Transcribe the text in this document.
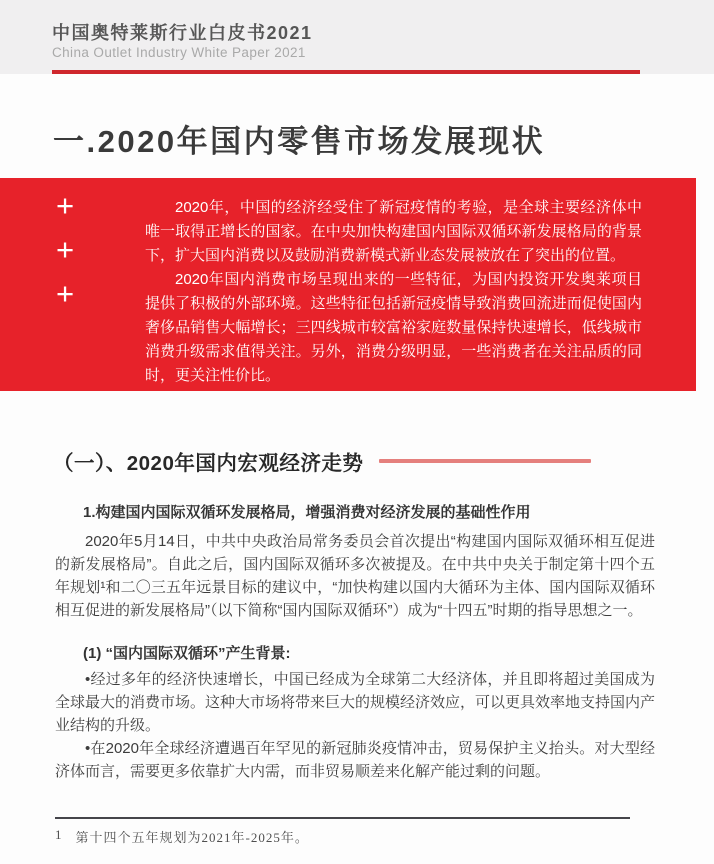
中国奥特莱斯行业白皮书2021
China Outlet Industry White Paper 2021
一.2020年国内零售市场发展现状
+
+
+

2020年，中国的经济经受住了新冠疫情的考验，是全球主要经济体中唯一取得正增长的国家。在中央加快构建国内国际双循环新发展格局的背景下，扩大国内消费以及鼓励消费新模式新业态发展被放在了突出的位置。

2020年国内消费市场呈现出来的一些特征，为国内投资开发奥莱项目提供了积极的外部环境。这些特征包括新冠疫情导致消费回流进而促使国内奢侈品销售大幅增长；三四线城市较富裕家庭数量保持快速增长，低线城市消费升级需求值得关注。另外，消费分级明显，一些消费者在关注品质的同时，更关注性价比。

（一）、2020年国内宏观经济走势
1.构建国内国际双循环发展格局，增强消费对经济发展的基础性作用

2020年5月14日，中共中央政治局常务委员会首次提出“构建国内国际双循环相互促进的新发展格局”。自此之后，国内国际双循环多次被提及。在中共中央关于制定第十四个五年规划¹和二〇三五年远景目标的建议中，“加快构建以国内大循环为主体、国内国际双循环相互促进的新发展格局”（以下简称“国内国际双循环”）成为“十四五”时期的指导思想之一。

(1) “国内国际双循环”产生背景:

•经过多年的经济快速增长，中国已经成为全球第二大经济体，并且即将超过美国成为全球最大的消费市场。这种大市场将带来巨大的规模经济效应，可以更具效率地支持国内产业结构的升级。

•在2020年全球经济遭遇百年罕见的新冠肺炎疫情冲击，贸易保护主义抬头。对大型经济体而言，需要更多依靠扩大内需，而非贸易顺差来化解产能过剩的问题。

1 第十四个五年规划为2021年-2025年。
